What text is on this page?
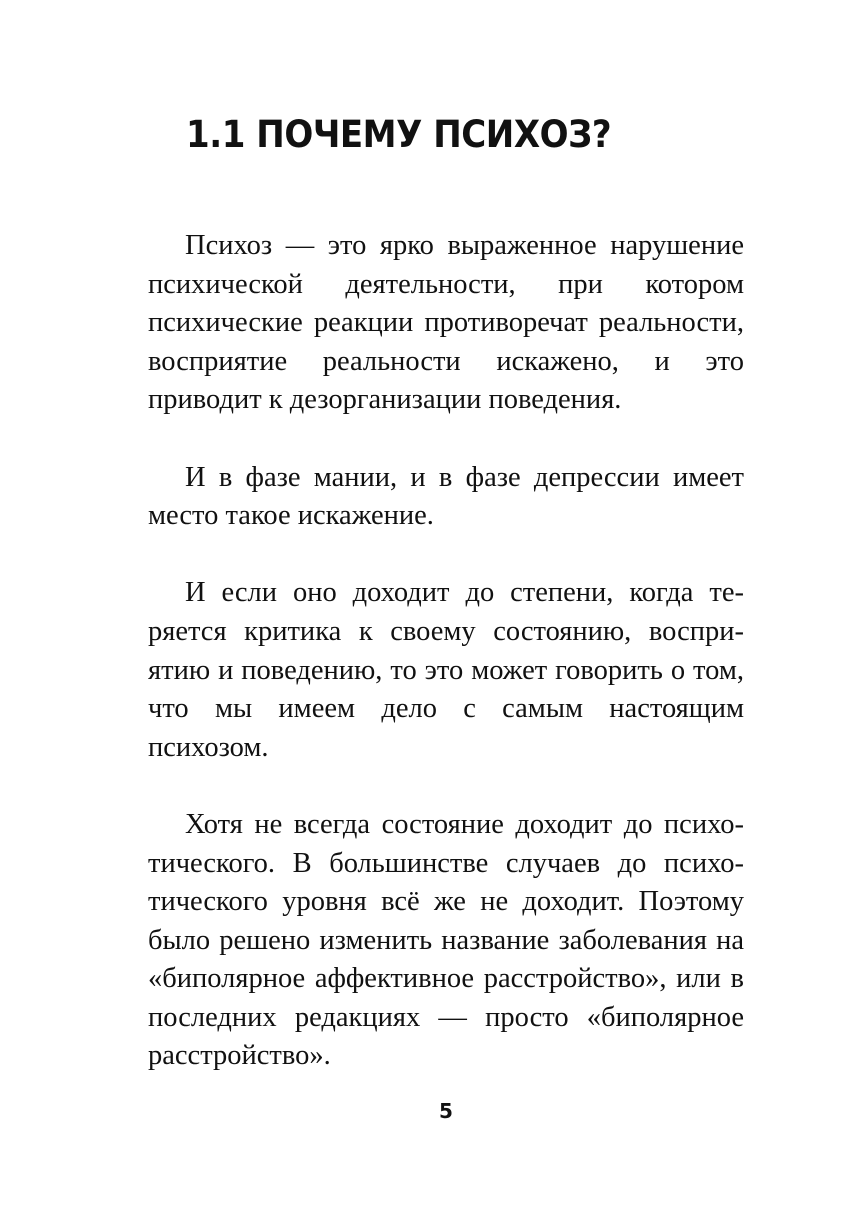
1.1 ПОЧЕМУ ПСИХОЗ?

Психоз — это ярко выраженное нарушение психической деятельности, при котором психические реакции противоречат реальности, восприятие реальности искажено, и это приводит к дезорганизации поведения.

И в фазе мании, и в фазе депрессии имеет место такое искажение.

И если оно доходит до степени, когда теряется критика к своему состоянию, восприятию и поведению, то это может говорить о том, что мы имеем дело с самым настоящим психозом.

Хотя не всегда состояние доходит до психотического. В большинстве случаев до психотического уровня всё же не доходит. Поэтому было решено изменить название заболевания на «биполярное аффективное расстройство», или в последних редакциях — просто «биполярное расстройство».

5
